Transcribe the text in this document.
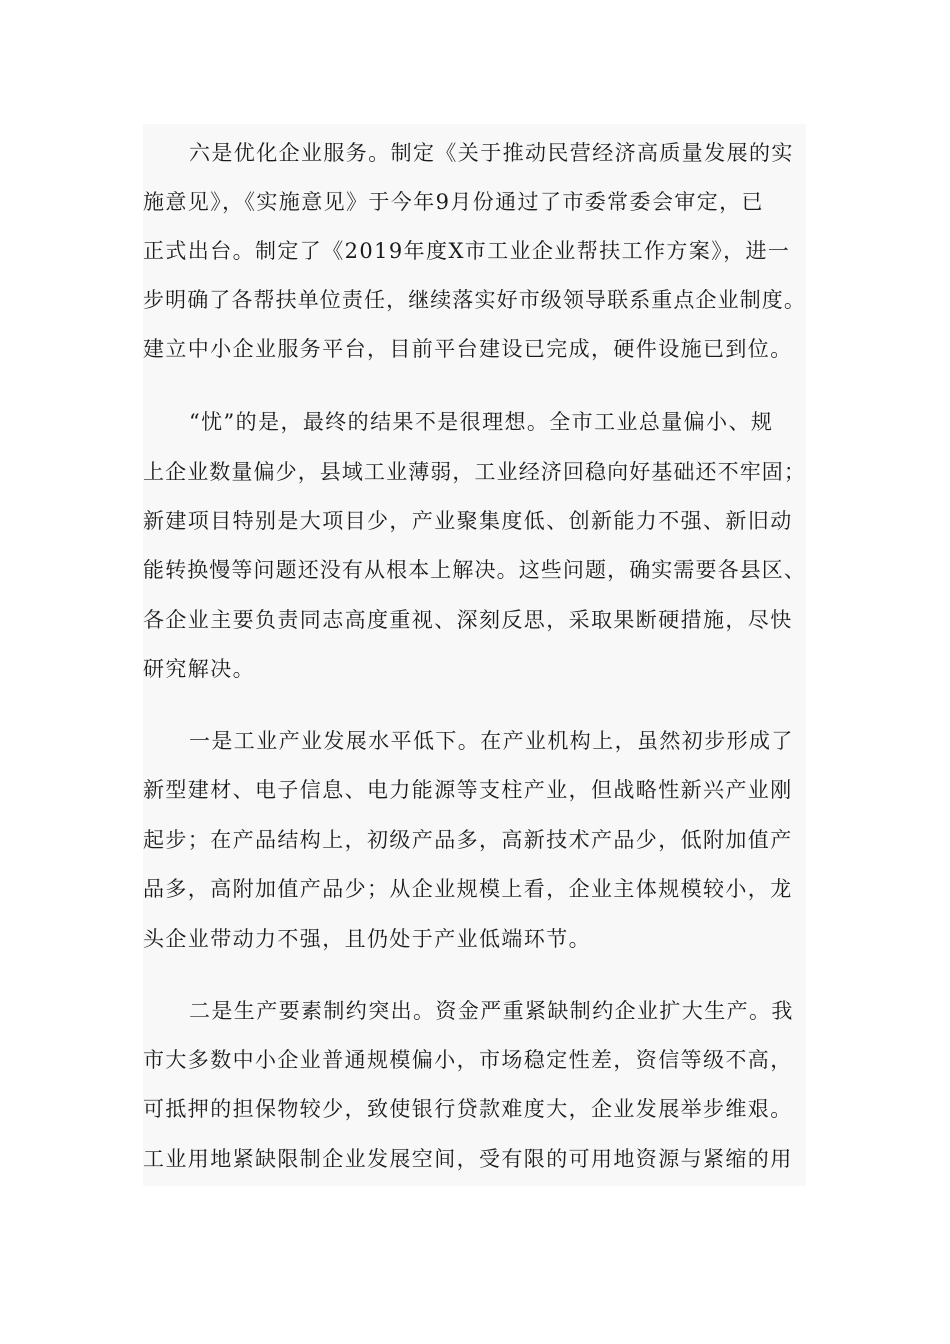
六是优化企业服务。制定《关于推动民营经济高质量发展的实
施意见》，《实施意见》于今年9月份通过了市委常委会审定，已
正式出台。制定了《2019年度X市工业企业帮扶工作方案》，进一
步明确了各帮扶单位责任，继续落实好市级领导联系重点企业制度。
建立中小企业服务平台，目前平台建设已完成，硬件设施已到位。
“忧”的是，最终的结果不是很理想。全市工业总量偏小、规
上企业数量偏少，县域工业薄弱，工业经济回稳向好基础还不牢固；
新建项目特别是大项目少，产业聚集度低、创新能力不强、新旧动
能转换慢等问题还没有从根本上解决。这些问题，确实需要各县区、
各企业主要负责同志高度重视、深刻反思，采取果断硬措施，尽快
研究解决。
一是工业产业发展水平低下。在产业机构上，虽然初步形成了
新型建材、电子信息、电力能源等支柱产业，但战略性新兴产业刚
起步；在产品结构上，初级产品多，高新技术产品少，低附加值产
品多，高附加值产品少；从企业规模上看，企业主体规模较小，龙
头企业带动力不强，且仍处于产业低端环节。
二是生产要素制约突出。资金严重紧缺制约企业扩大生产。我
市大多数中小企业普通规模偏小，市场稳定性差，资信等级不高，
可抵押的担保物较少，致使银行贷款难度大，企业发展举步维艰。
工业用地紧缺限制企业发展空间，受有限的可用地资源与紧缩的用
